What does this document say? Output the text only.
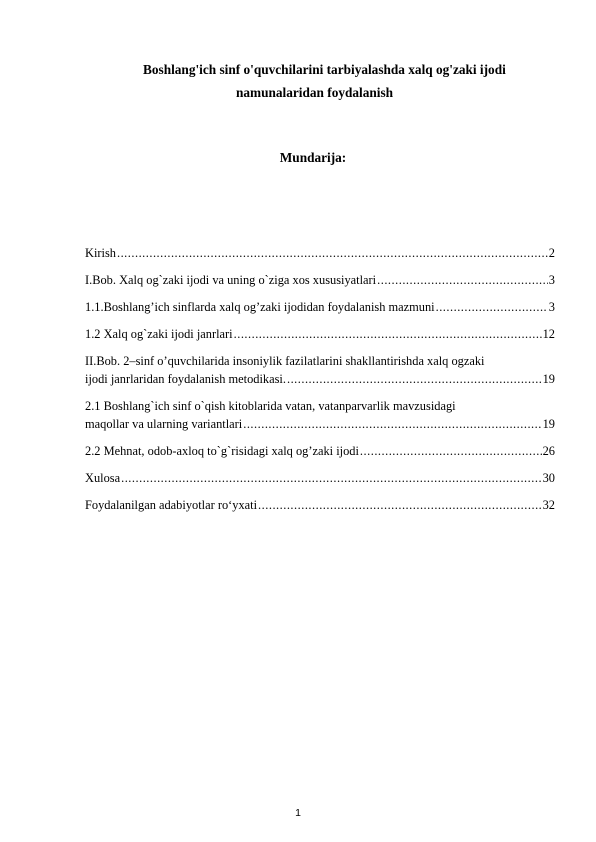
Boshlang'ich sinf o'quvchilarini tarbiyalashda xalq og'zaki ijodi
namunalaridan foydalanish
Mundarija:
Kirish .....	2
I.Bob. Xalq og`zaki ijodi va uning o`ziga xos xususiyatlari .....	3
1.1.Boshlang’ich sinflarda xalq og’zaki ijodidan foydalanish mazmuni .....	3
1.2 Xalq og`zaki ijodi janrlari .....	12
II.Bob. 2–sinf o’quvchilarida insoniylik fazilatlarini shakllantirishda xalq ogzaki
ijodi janrlaridan foydalanish metodikasi. .....	19
2.1 Boshlang`ich sinf o`qish kitoblarida vatan, vatanparvarlik mavzusidagi
maqollar va ularning variantlari .....	19
2.2 Mehnat, odob-axloq to`g`risidagi xalq og’zaki ijodi .....	26
Xulosa .....	30
Foydalanilgan adabiyotlar ro‘yxati .....	32
1
